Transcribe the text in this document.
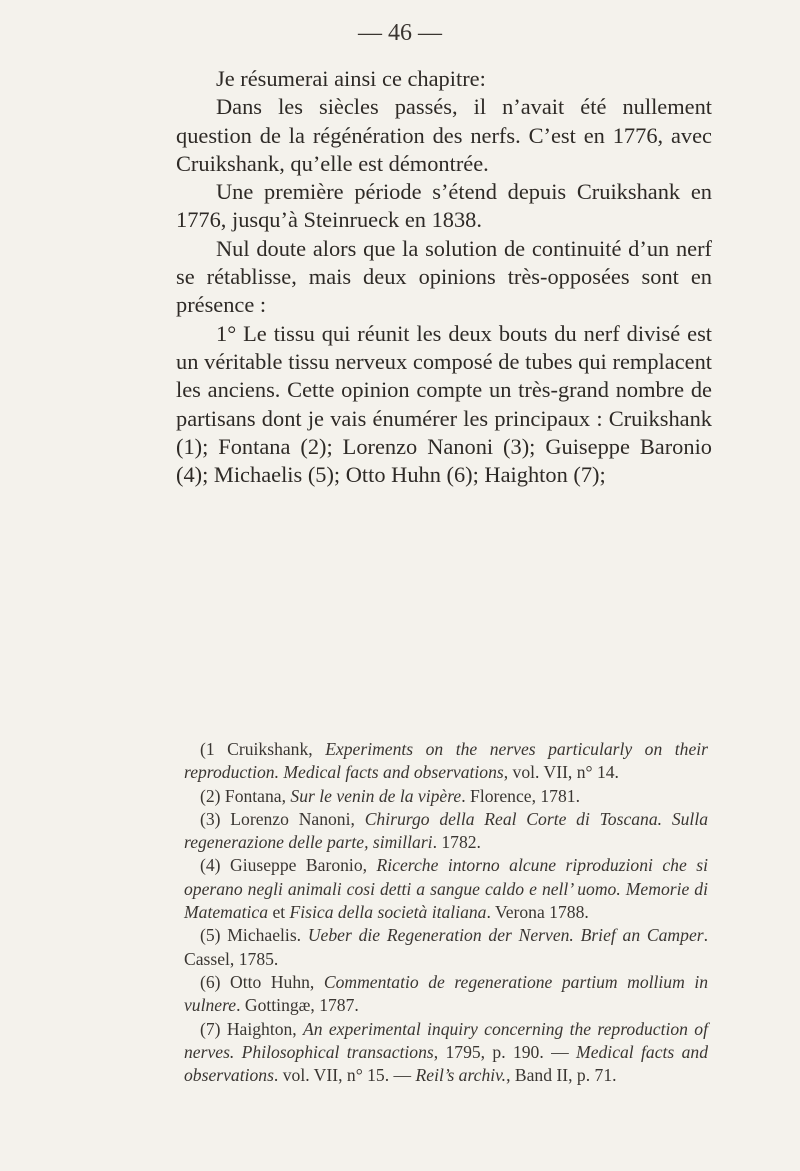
— 46 —

Je résumerai ainsi ce chapitre:

Dans les siècles passés, il n’avait été nullement question de la régénération des nerfs. C’est en 1776, avec Cruikshank, qu’elle est démontrée.

Une première période s’étend depuis Cruikshank en 1776, jusqu’à Steinrueck en 1838.

Nul doute alors que la solution de continuité d’un nerf se rétablisse, mais deux opinions très-opposées sont en présence :

1° Le tissu qui réunit les deux bouts du nerf divisé est un véritable tissu nerveux composé de tubes qui remplacent les anciens. Cette opinion compte un très-grand nombre de partisans dont je vais énumérer les principaux : Cruikshank (1); Fontana (2); Lorenzo Nanoni (3); Guiseppe Baronio (4); Michaelis (5); Otto Huhn (6); Haighton (7);

(1 Cruikshank, Experiments on the nerves particularly on their reproduction. Medical facts and observations, vol. VII, n° 14.

(2) Fontana, Sur le venin de la vipère. Florence, 1781.

(3) Lorenzo Nanoni, Chirurgo della Real Corte di Toscana. Sulla regenerazione delle parte, simillari. 1782.

(4) Giuseppe Baronio, Ricerche intorno alcune riproduzioni che si operano negli animali cosi detti a sangue caldo e nell’ uomo. Memorie di Matematica et Fisica della società italiana. Verona 1788.

(5) Michaelis. Ueber die Regeneration der Nerven. Brief an Camper. Cassel, 1785.

(6) Otto Huhn, Commentatio de regeneratione partium mollium in vulnere. Gottingæ, 1787.

(7) Haighton, An experimental inquiry concerning the reproduction of nerves. Philosophical transactions, 1795, p. 190. — Medical facts and observations. vol. VII, n° 15. — Reil’s archiv., Band II, p. 71.
